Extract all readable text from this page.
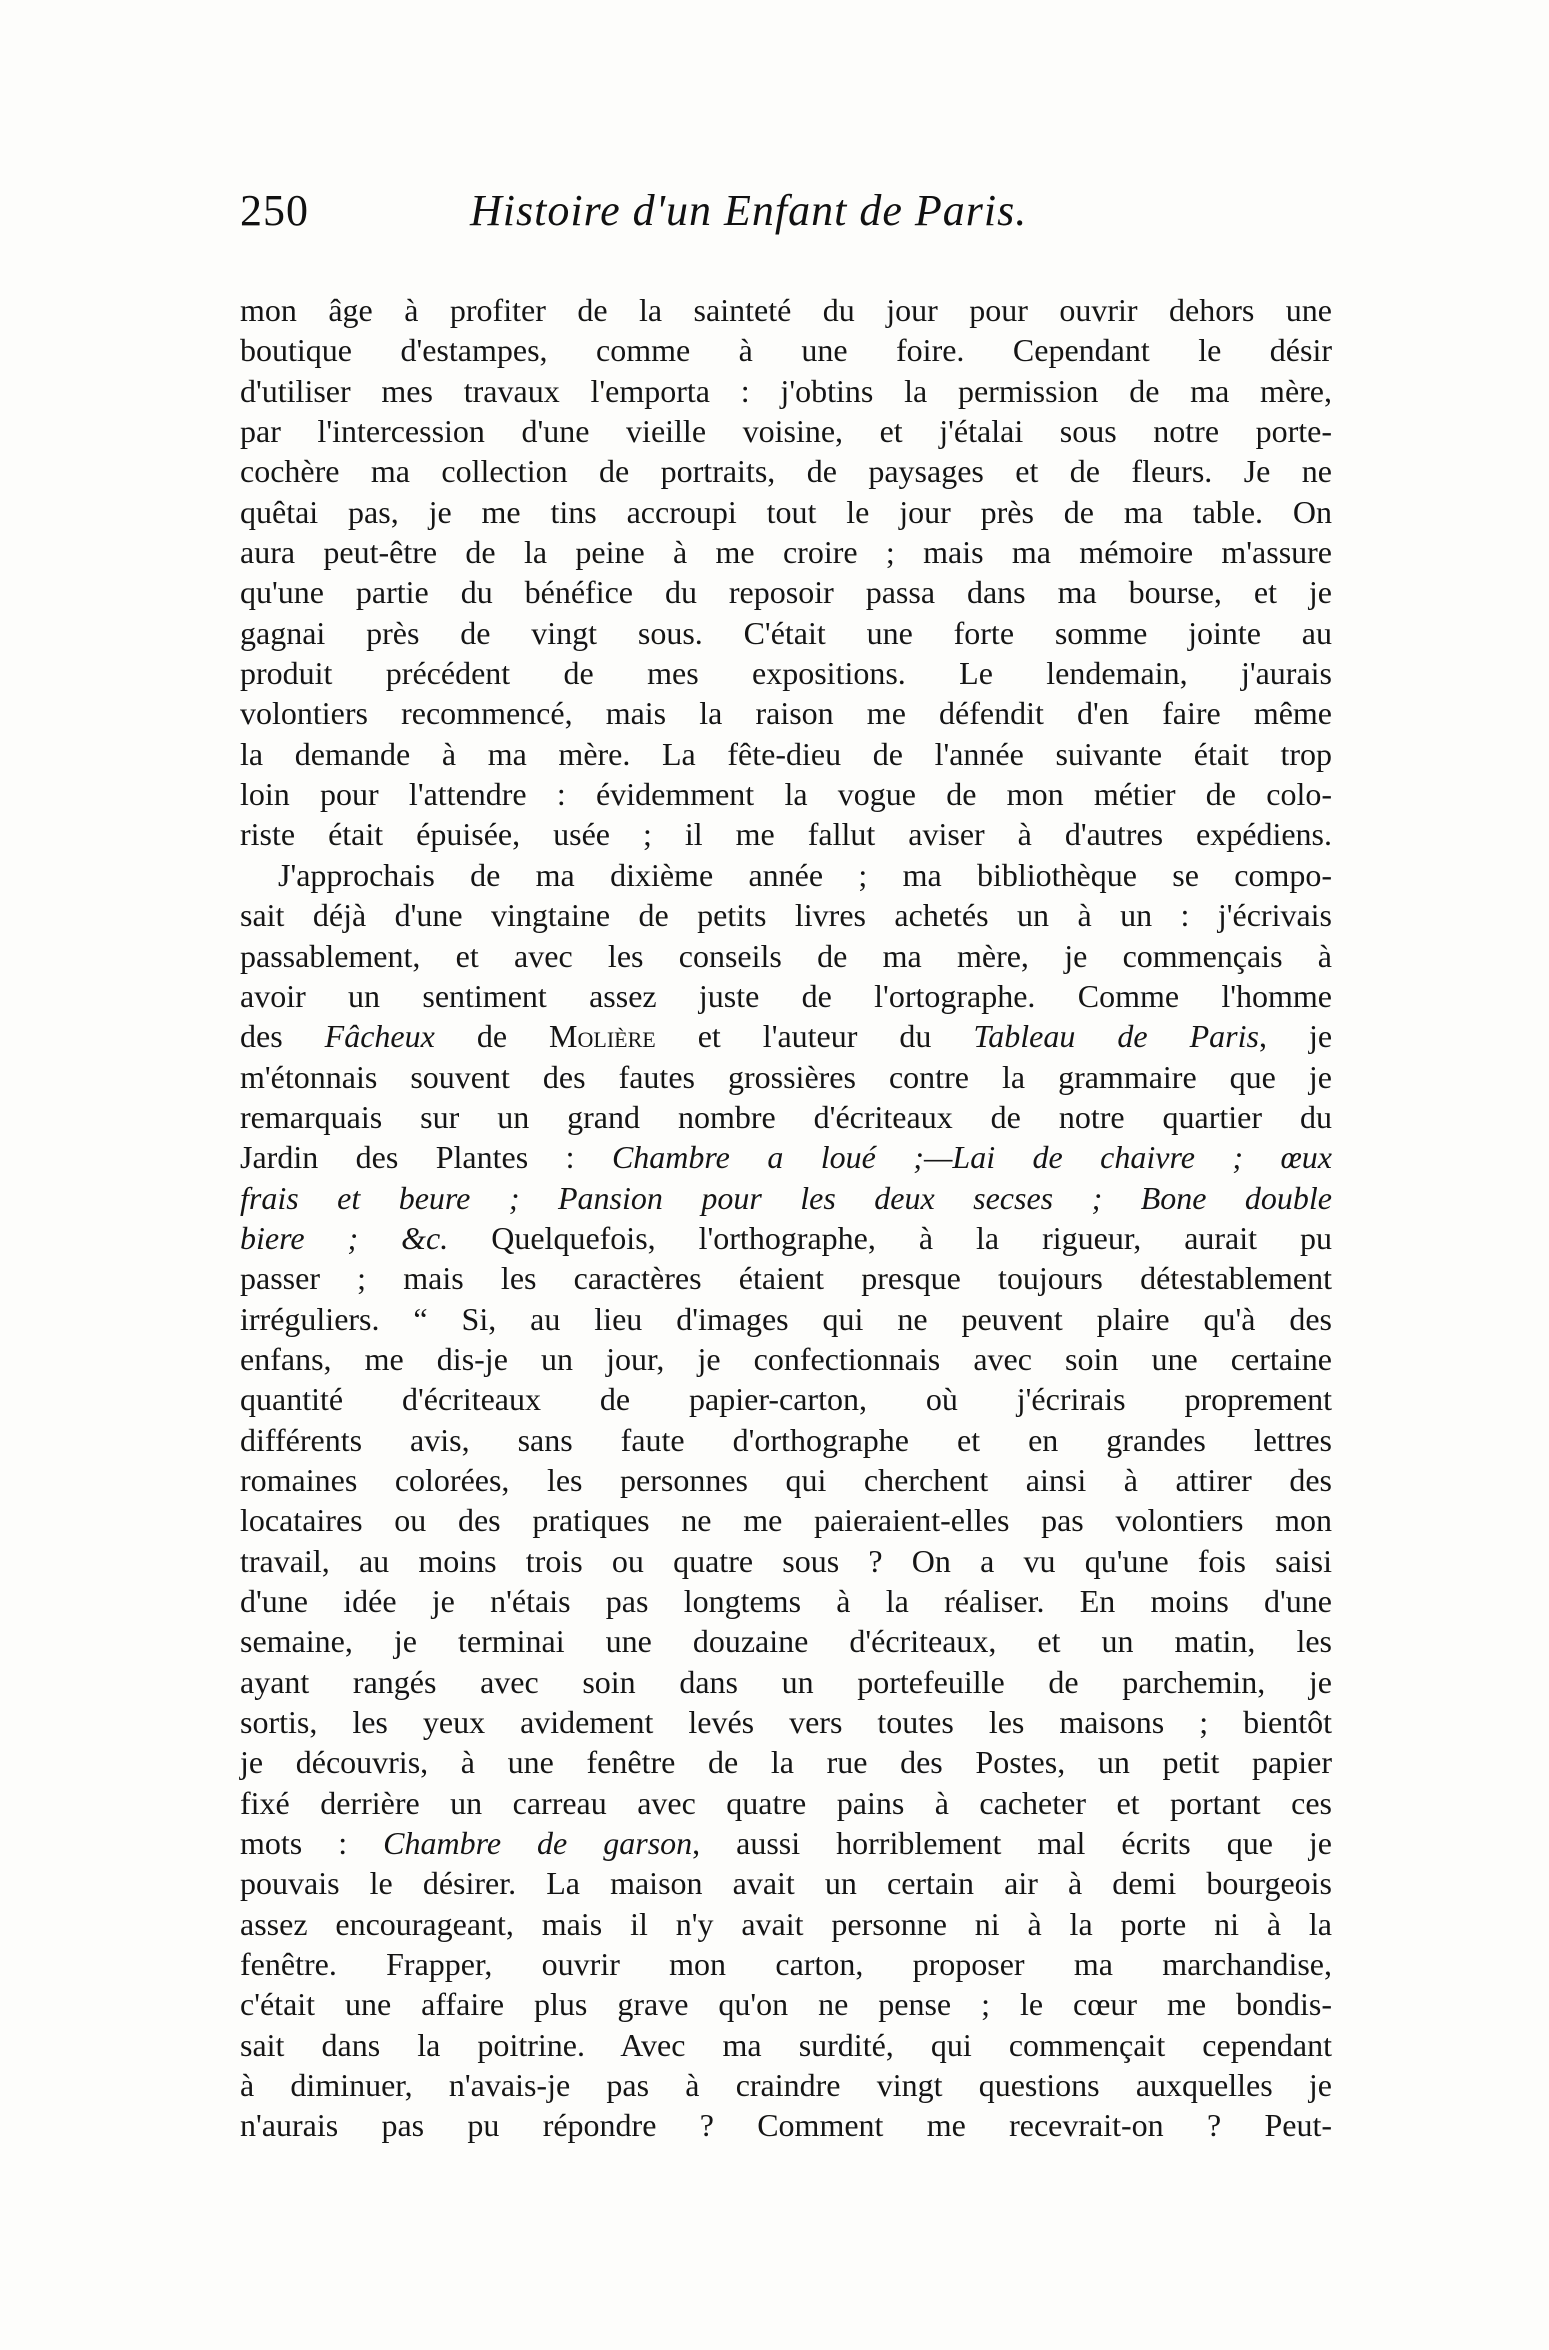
250	Histoire d'un Enfant de Paris.
mon âge à profiter de la sainteté du jour pour ouvrir dehors une
boutique d'estampes, comme à une foire. Cependant le désir
d'utiliser mes travaux l'emporta : j'obtins la permission de ma mère,
par l'intercession d'une vieille voisine, et j'étalai sous notre porte-
cochère ma collection de portraits, de paysages et de fleurs. Je ne
quêtai pas, je me tins accroupi tout le jour près de ma table. On
aura peut-être de la peine à me croire ; mais ma mémoire m'assure
qu'une partie du bénéfice du reposoir passa dans ma bourse, et je
gagnai près de vingt sous. C'était une forte somme jointe au
produit précédent de mes expositions. Le lendemain, j'aurais
volontiers recommencé, mais la raison me défendit d'en faire même
la demande à ma mère. La fête-dieu de l'année suivante était trop
loin pour l'attendre : évidemment la vogue de mon métier de colo-
riste était épuisée, usée ; il me fallut aviser à d'autres expédiens.
J'approchais de ma dixième année ; ma bibliothèque se compo-
sait déjà d'une vingtaine de petits livres achetés un à un : j'écrivais
passablement, et avec les conseils de ma mère, je commençais à
avoir un sentiment assez juste de l'ortographe. Comme l'homme
des Fâcheux de Molière et l'auteur du Tableau de Paris, je
m'étonnais souvent des fautes grossières contre la grammaire que je
remarquais sur un grand nombre d'écriteaux de notre quartier du
Jardin des Plantes : Chambre a loué ;—Lai de chaivre ; œux
frais et beure ; Pansion pour les deux secses ; Bone double
biere ; &c. Quelquefois, l'orthographe, à la rigueur, aurait pu
passer ; mais les caractères étaient presque toujours détestablement
irréguliers. “ Si, au lieu d'images qui ne peuvent plaire qu'à des
enfans, me dis-je un jour, je confectionnais avec soin une certaine
quantité d'écriteaux de papier-carton, où j'écrirais proprement
différents avis, sans faute d'orthographe et en grandes lettres
romaines colorées, les personnes qui cherchent ainsi à attirer des
locataires ou des pratiques ne me paieraient-elles pas volontiers mon
travail, au moins trois ou quatre sous ? On a vu qu'une fois saisi
d'une idée je n'étais pas longtems à la réaliser. En moins d'une
semaine, je terminai une douzaine d'écriteaux, et un matin, les
ayant rangés avec soin dans un portefeuille de parchemin, je
sortis, les yeux avidement levés vers toutes les maisons ; bientôt
je découvris, à une fenêtre de la rue des Postes, un petit papier
fixé derrière un carreau avec quatre pains à cacheter et portant ces
mots : Chambre de garson, aussi horriblement mal écrits que je
pouvais le désirer. La maison avait un certain air à demi bourgeois
assez encourageant, mais il n'y avait personne ni à la porte ni à la
fenêtre. Frapper, ouvrir mon carton, proposer ma marchandise,
c'était une affaire plus grave qu'on ne pense ; le cœur me bondis-
sait dans la poitrine. Avec ma surdité, qui commençait cependant
à diminuer, n'avais-je pas à craindre vingt questions auxquelles je
n'aurais pas pu répondre ? Comment me recevrait-on ? Peut-
